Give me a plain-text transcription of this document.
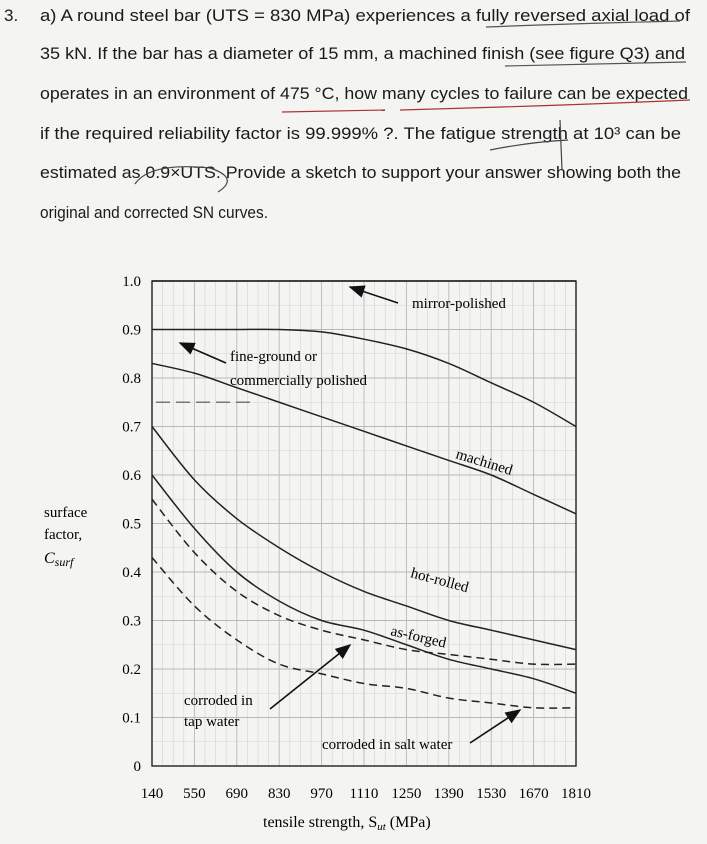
3. a) A round steel bar (UTS = 830 MPa) experiences a fully reversed axial load of
35 kN. If the bar has a diameter of 15 mm, a machined finish (see figure Q3) and
operates in an environment of 475 °C, how many cycles to failure can be expected
if the required reliability factor is 99.999% ?. The fatigue strength at 10³ can be
estimated as 0.9×UTS. Provide a sketch to support your answer showing both the
original and corrected SN curves.
0
0.1
0.2
0.3
0.4
0.5
0.6
0.7
0.8
0.9
1.0
140 550 690 830 970 1110 1250 1390 1530 1670 1810
surface
factor,
Csurf
tensile strength, Sut (MPa)
mirror-polished
fine-ground or
commercially polished
machined
hot-rolled
as-forged
corroded in
tap water
corroded in salt water
